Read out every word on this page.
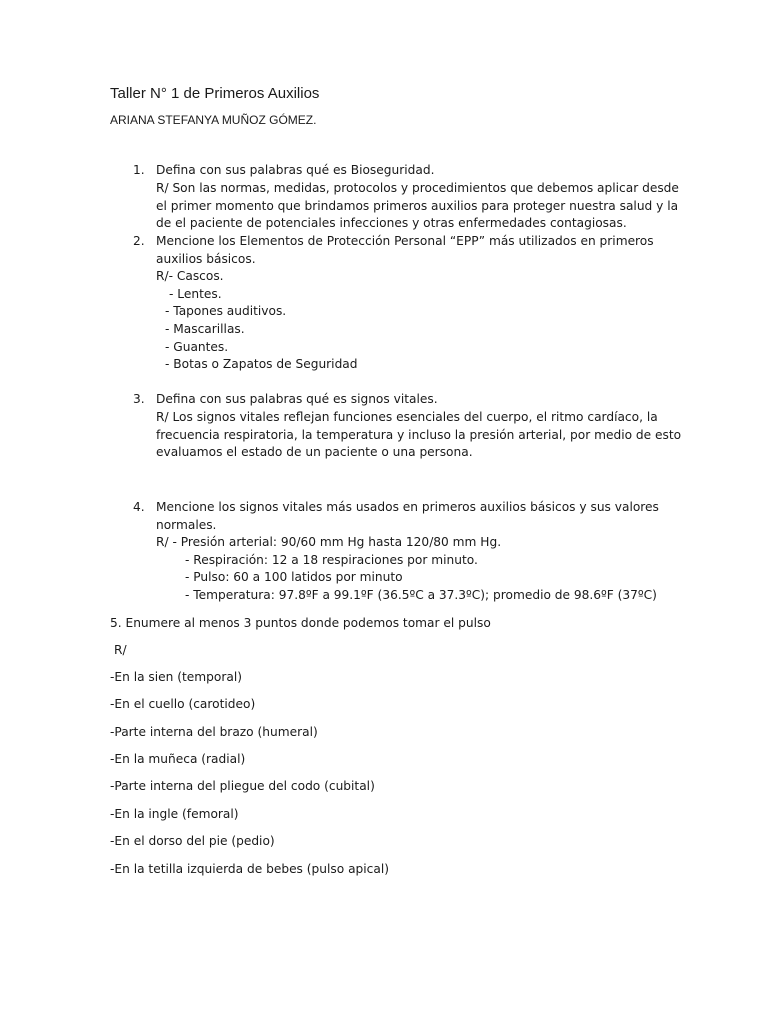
Taller N° 1 de Primeros Auxilios
ARIANA STEFANYA MUÑOZ GÓMEZ.
1. Defina con sus palabras qué es Bioseguridad.
R/ Son las normas, medidas, protocolos y procedimientos que debemos aplicar desde
el primer momento que brindamos primeros auxilios para proteger nuestra salud y la
de el paciente de potenciales infecciones y otras enfermedades contagiosas.
2. Mencione los Elementos de Protección Personal “EPP” más utilizados en primeros
auxilios básicos.
R/- Cascos.
- Lentes.
- Tapones auditivos.
- Mascarillas.
- Guantes.
- Botas o Zapatos de Seguridad
3. Defina con sus palabras qué es signos vitales.
R/ Los signos vitales reflejan funciones esenciales del cuerpo, el ritmo cardíaco, la
frecuencia respiratoria, la temperatura y incluso la presión arterial, por medio de esto
evaluamos el estado de un paciente o una persona.
4. Mencione los signos vitales más usados en primeros auxilios básicos y sus valores
normales.
R/ - Presión arterial: 90/60 mm Hg hasta 120/80 mm Hg.
- Respiración: 12 a 18 respiraciones por minuto.
- Pulso: 60 a 100 latidos por minuto
- Temperatura: 97.8ºF a 99.1ºF (36.5ºC a 37.3ºC); promedio de 98.6ºF (37ºC)
5. Enumere al menos 3 puntos donde podemos tomar el pulso
R/
-En la sien (temporal)
-En el cuello (carotideo)
-Parte interna del brazo (humeral)
-En la muñeca (radial)
-Parte interna del pliegue del codo (cubital)
-En la ingle (femoral)
-En el dorso del pie (pedio)
-En la tetilla izquierda de bebes (pulso apical)
